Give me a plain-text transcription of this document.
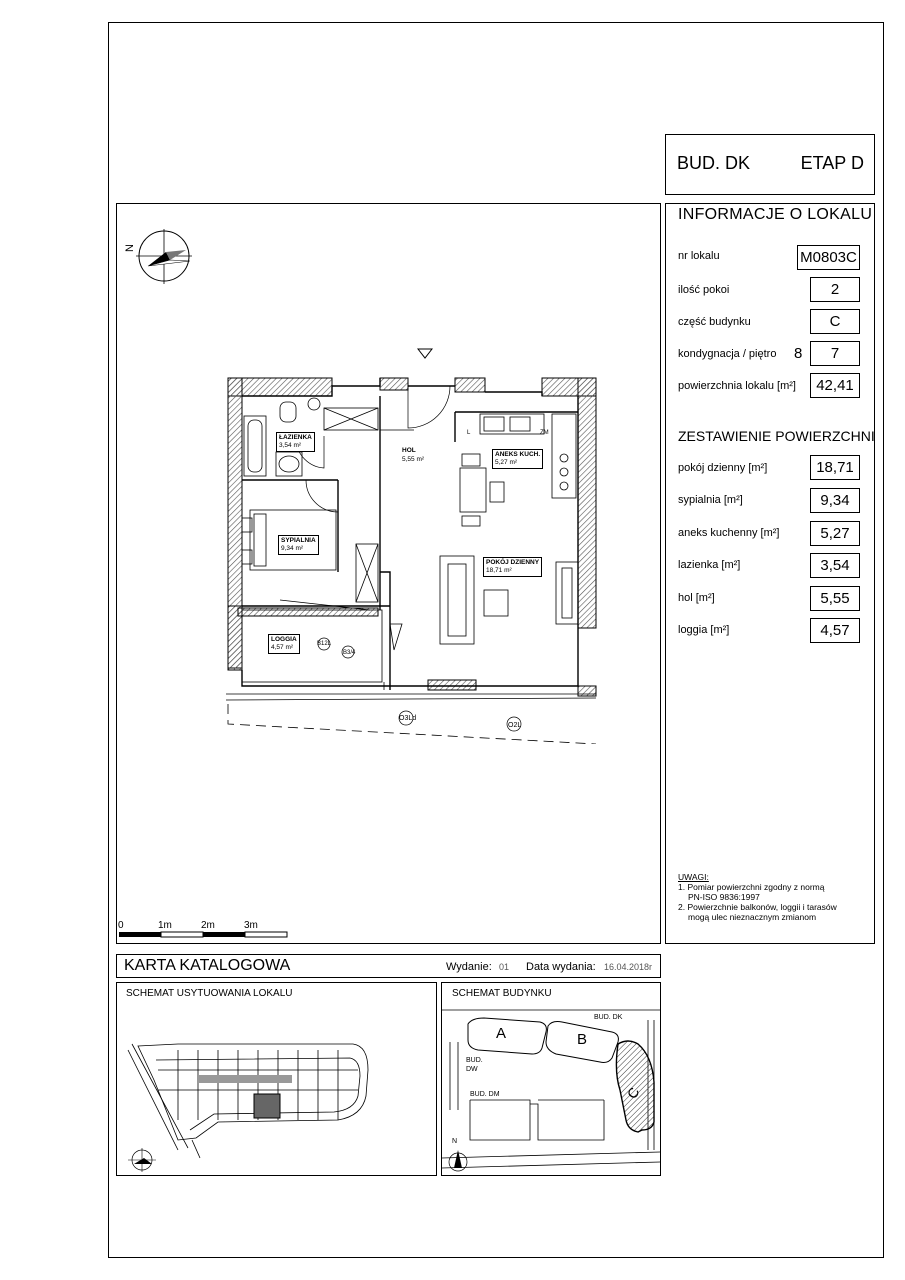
BUD. DK	ETAP D
INFORMACJE O LOKALU
nr lokalu	M0803C
ilość pokoi	2
część budynku	C
kondygnacja / piętro 8	7
powierzchnia lokalu [m²]	42,41
ZESTAWIENIE POWIERZCHNI
pokój dzienny [m²]	18,71
sypialnia [m²]	9,34
aneks kuchenny [m²]	5,27
lazienka [m²]	3,54
hol [m²]	5,55
loggia [m²]	4,57
UWAGI:
1. Pomiar powierzchni zgodny z normą
PN-ISO 9836:1997
2. Powierzchnie balkonów, loggii i tarasów
mogą ulec nieznacznym zmianom
N
O3Ld
O2L
B12L
B3/4
L	ZM
ŁAZIENKA
3,54 m²
HOL
5,55 m²
ANEKS KUCH.
5,27 m²
SYPIALNIA
9,34 m²
POKÓJ DZIENNY
18,71 m²
LOGGIA
4,57 m²
0	1m	2m	3m
KARTA KATALOGOWA	Wydanie: 01 Data wydania: 16.04.2018r
SCHEMAT USYTUOWANIA LOKALU	SCHEMAT BUDYNKU
A	B
C
BUD. DK
BUD.
DW
BUD. DM
N
